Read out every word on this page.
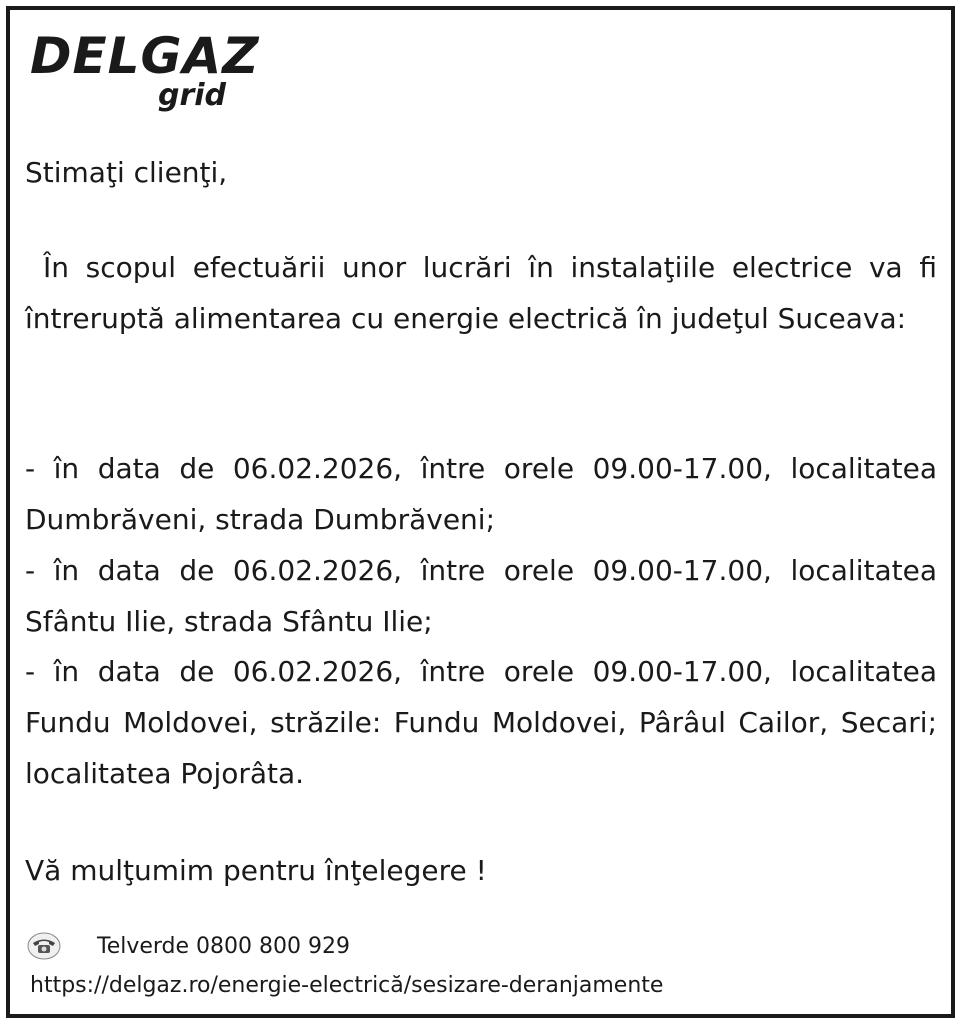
DELGAZ
grid
Stimaţi clienţi,
În scopul efectuării unor lucrări în instalaţiile electrice va fi întreruptă alimentarea cu energie electrică în judeţul Suceava:
- în data de 06.02.2026, între orele 09.00-17.00, localitatea Dumbrăveni, strada Dumbrăveni;
- în data de 06.02.2026, între orele 09.00-17.00, localitatea Sfântu Ilie, strada Sfântu Ilie;
- în data de 06.02.2026, între orele 09.00-17.00, localitatea Fundu Moldovei, străzile: Fundu Moldovei, Pârâul Cailor, Secari; localitatea Pojorâta.
Vă mulţumim pentru înţelegere !
Telverde 0800 800 929
https://delgaz.ro/energie-electrică/sesizare-deranjamente
